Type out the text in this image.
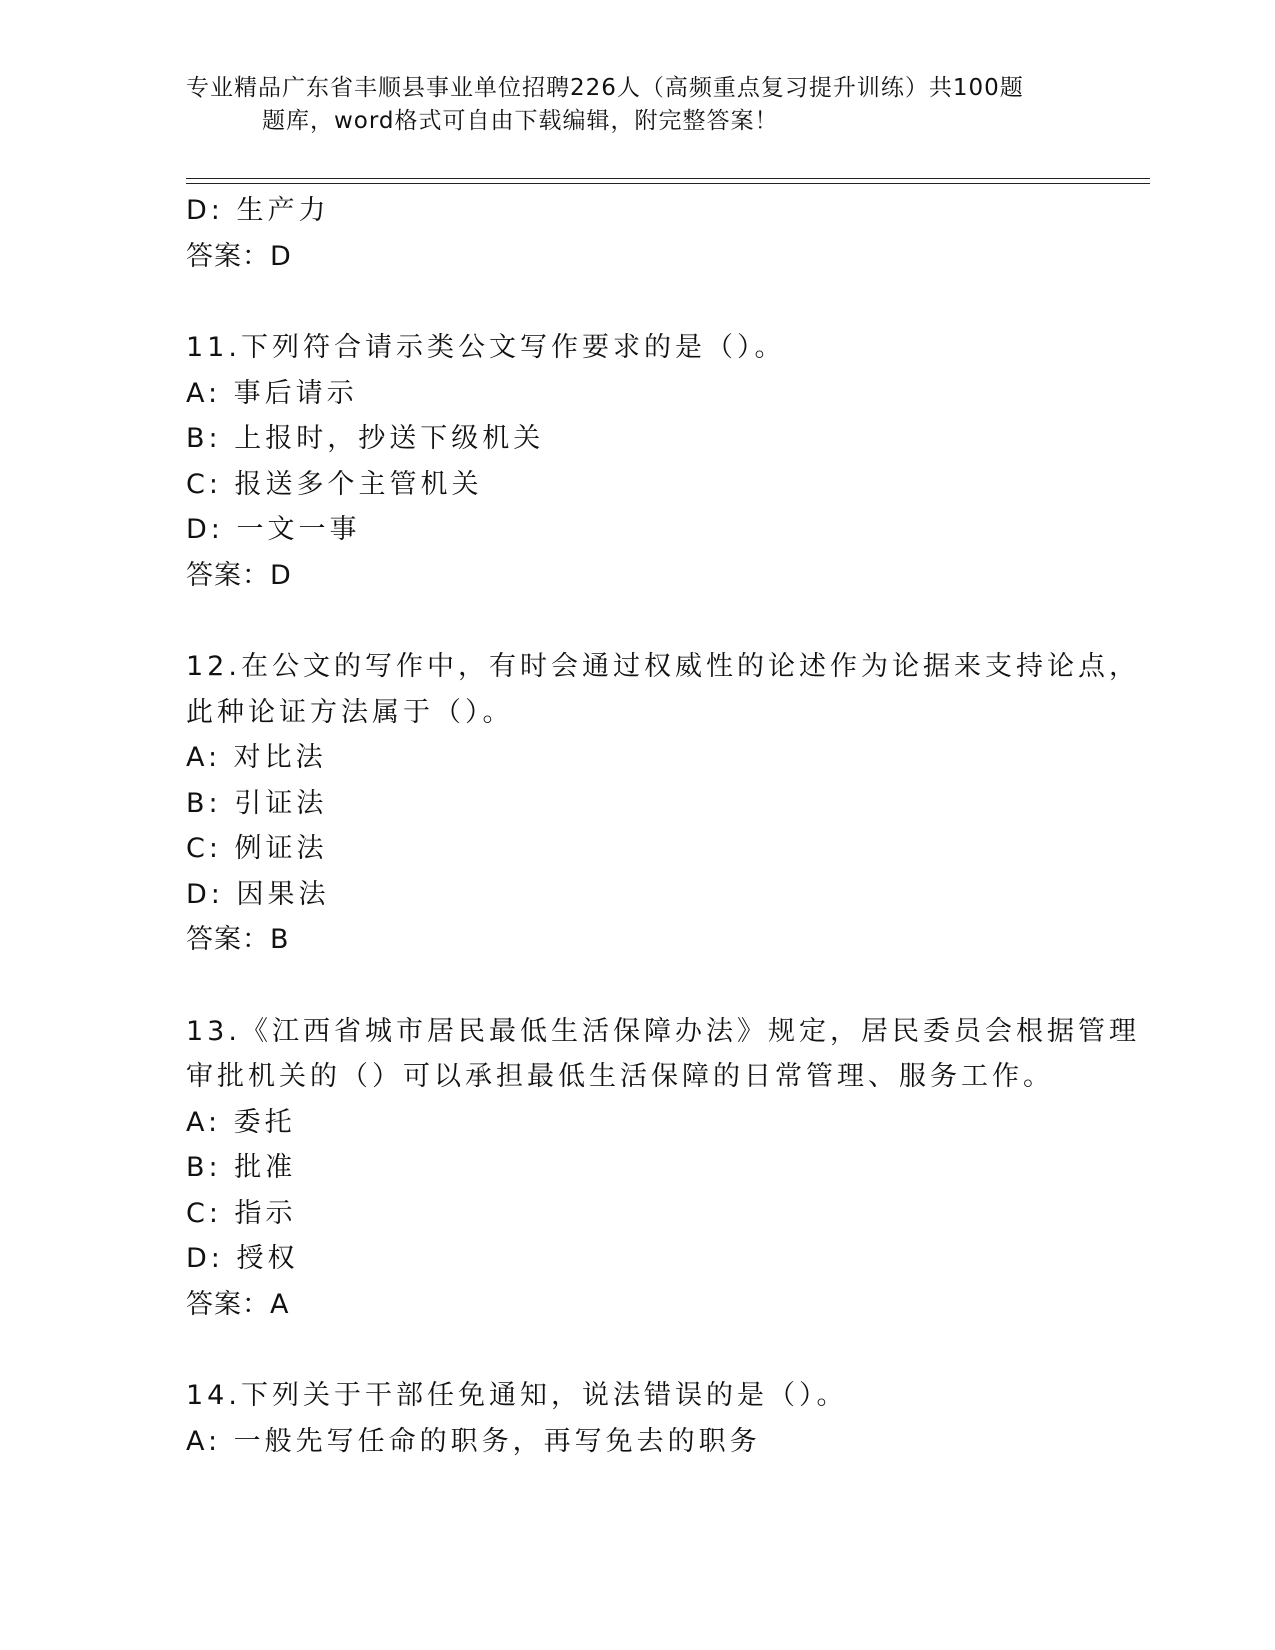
专业精品广东省丰顺县事业单位招聘226人（高频重点复习提升训练）共100题
题库，word格式可自由下载编辑，附完整答案！
D: 生产力
答案：D
11.下列符合请示类公文写作要求的是（）。
A: 事后请示
B: 上报时，抄送下级机关
C: 报送多个主管机关
D: 一文一事
答案：D
12.在公文的写作中，有时会通过权威性的论述作为论据来支持论点，
此种论证方法属于（）。
A: 对比法
B: 引证法
C: 例证法
D: 因果法
答案：B
13.《江西省城市居民最低生活保障办法》规定，居民委员会根据管理
审批机关的（）可以承担最低生活保障的日常管理、服务工作。
A: 委托
B: 批准
C: 指示
D: 授权
答案：A
14.下列关于干部任免通知，说法错误的是（）。
A: 一般先写任命的职务，再写免去的职务
